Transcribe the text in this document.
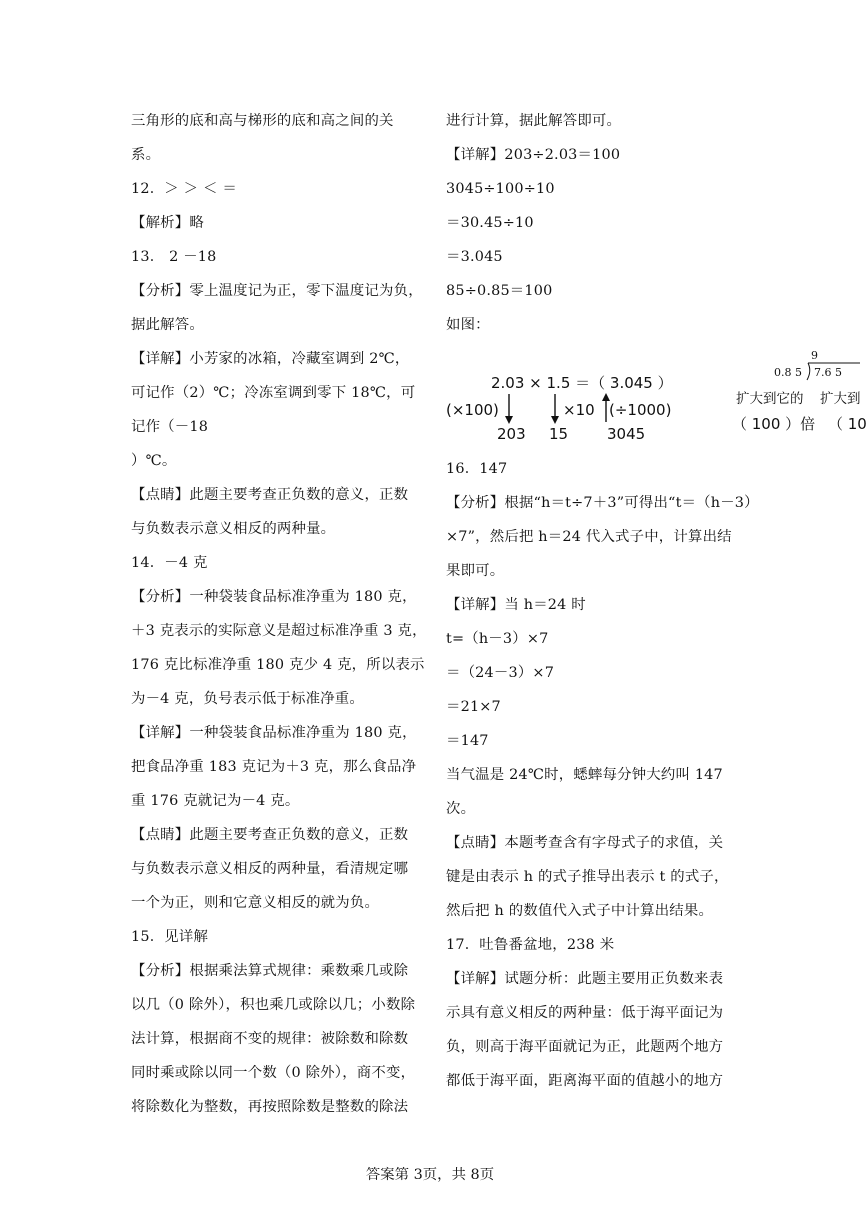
三角形的底和高与梯形的底和高之间的关
系。
12．＞ ＞ ＜ ＝
【解析】略
13． 2 －18
【分析】零上温度记为正，零下温度记为负，
据此解答。
【详解】小芳家的冰箱，冷藏室调到 2℃，
可记作（2）℃；冷冻室调到零下 18℃，可
记作（－18
）℃。
【点睛】此题主要考查正负数的意义，正数
与负数表示意义相反的两种量。
14．－4 克
【分析】一种袋装食品标准净重为 180 克，
＋3 克表示的实际意义是超过标准净重 3 克，
176 克比标准净重 180 克少 4 克，所以表示
为－4 克，负号表示低于标准净重。
【详解】一种袋装食品标准净重为 180 克，
把食品净重 183 克记为＋3 克，那么食品净
重 176 克就记为－4 克。
【点睛】此题主要考查正负数的意义，正数
与负数表示意义相反的两种量，看清规定哪
一个为正，则和它意义相反的就为负。
15．见详解
【分析】根据乘法算式规律：乘数乘几或除
以几（0 除外），积也乘几或除以几；小数除
法计算，根据商不变的规律：被除数和除数
同时乘或除以同一个数（0 除外），商不变，
将除数化为整数，再按照除数是整数的除法
进行计算，据此解答即可。
【详解】203÷2.03＝100
3045÷100÷10
＝30.45÷10
＝3.045
85÷0.85＝100
如图：
2.03 × 1.5 ＝（ 3.045 ）
(×100)	×10 (÷1000)
203 15	3045
9
0.8 5 7.6 5
扩大到它的 扩大到
（ 100 ）倍 （ 10
16．147
【分析】根据“h＝t÷7＋3”可得出“t＝（h－3）
×7”，然后把 h＝24 代入式子中，计算出结
果即可。
【详解】当 h＝24 时
t=（h－3）×7
＝（24－3）×7
＝21×7
＝147
当气温是 24℃时，蟋蟀每分钟大约叫 147
次。
【点睛】本题考查含有字母式子的求值，关
键是由表示 h 的式子推导出表示 t 的式子，
然后把 h 的数值代入式子中计算出结果。
17．吐鲁番盆地，238 米
【详解】试题分析：此题主要用正负数来表
示具有意义相反的两种量：低于海平面记为
负，则高于海平面就记为正，此题两个地方
都低于海平面，距离海平面的值越小的地方
答案第 3页，共 8页
